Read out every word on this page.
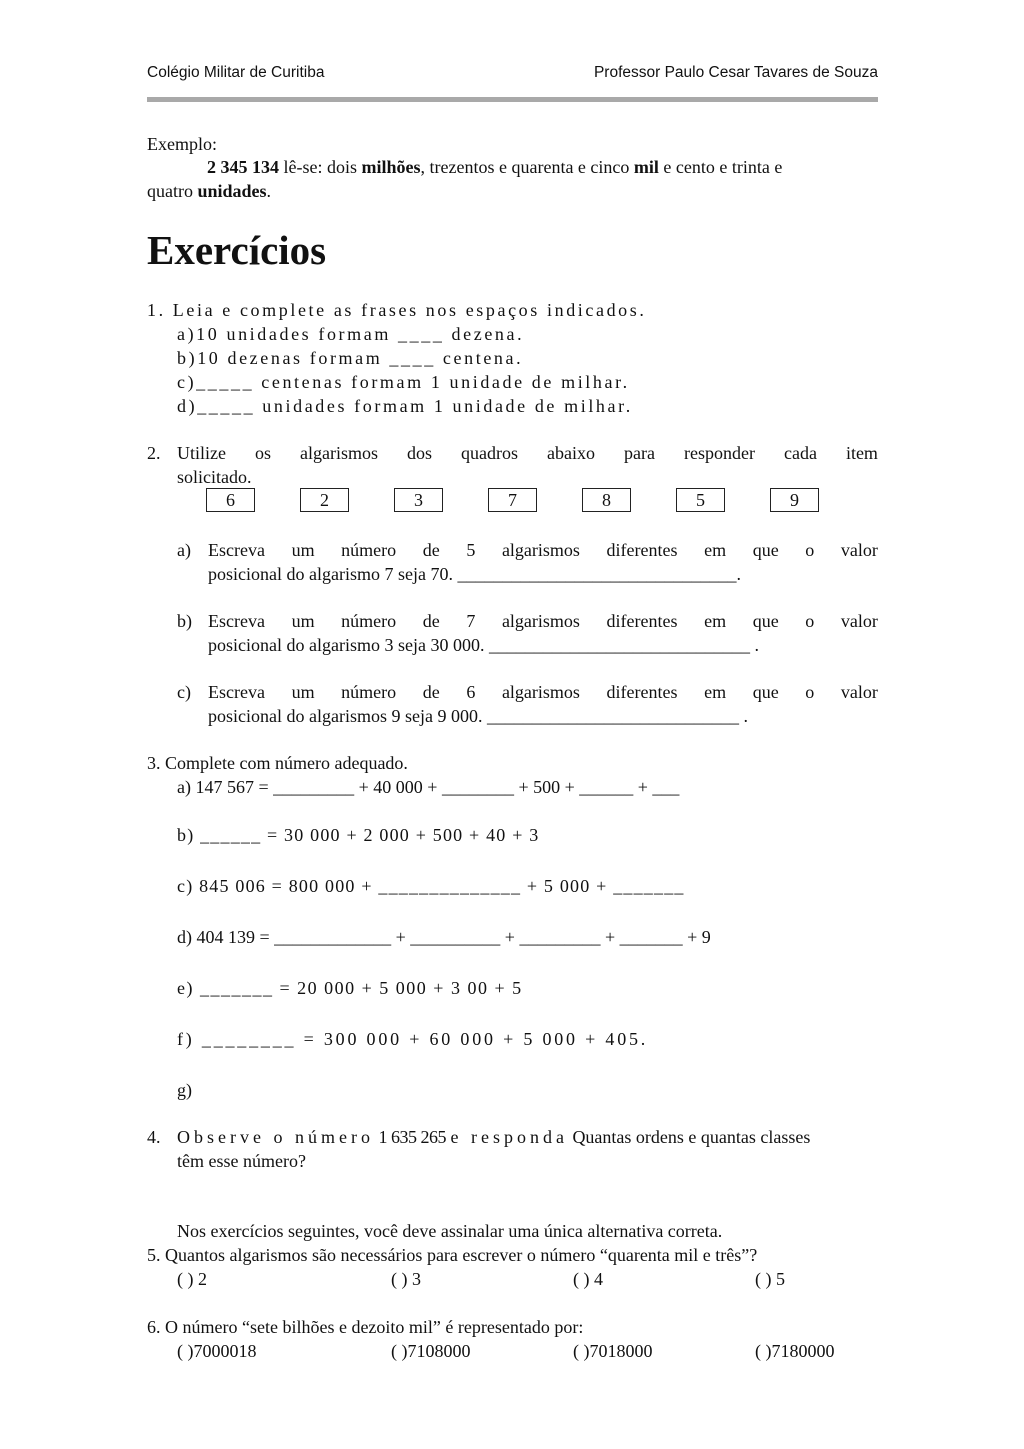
Colégio Militar de Curitiba	Professor Paulo Cesar Tavares de Souza
Exemplo:
2 345 134 lê-se: dois milhões, trezentos e quarenta e cinco mil e cento e trinta e
quatro unidades.
Exercícios
1. Leia e complete as frases nos espaços indicados.
a)10 unidades formam ____ dezena.
b)10 dezenas formam ____ centena.
c)_____ centenas formam 1 unidade de milhar.
d)_____ unidades formam 1 unidade de milhar.
2. Utilize os algarismos dos quadros abaixo para responder cada item
solicitado.
6	2	3	7	8	5	9
a) Escreva um número de 5 algarismos diferentes em que o valor
posicional do algarismo 7 seja 70. _______________________________.
b) Escreva um número de 7 algarismos diferentes em que o valor
posicional do algarismo 3 seja 30 000. _____________________________ .
c) Escreva um número de 6 algarismos diferentes em que o valor
posicional do algarismos 9 seja 9 000. ____________________________ .
3. Complete com número adequado.
a) 147 567 = _________ + 40 000 + ________ + 500 + ______ + ___
b) ______ = 30 000 + 2 000 + 500 + 40 + 3
c) 845 006 = 800 000 + ______________ + 5 000 + _______
d) 404 139 = _____________ + __________ + _________ + _______ + 9
e) _______ = 20 000 + 5 000 + 3 00 + 5
f) ________ = 300 000 + 60 000 + 5 000 + 405.
g)
4. Observe o número 1 635 265 e responda Quantas ordens e quantas classes
têm esse número?
Nos exercícios seguintes, você deve assinalar uma única alternativa correta.
5. Quantos algarismos são necessários para escrever o número “quarenta mil e três”?
( ) 2	( ) 3	( ) 4	( ) 5
6. O número “sete bilhões e dezoito mil” é representado por:
( )7000018	( )7108000	( )7018000	( )7180000
